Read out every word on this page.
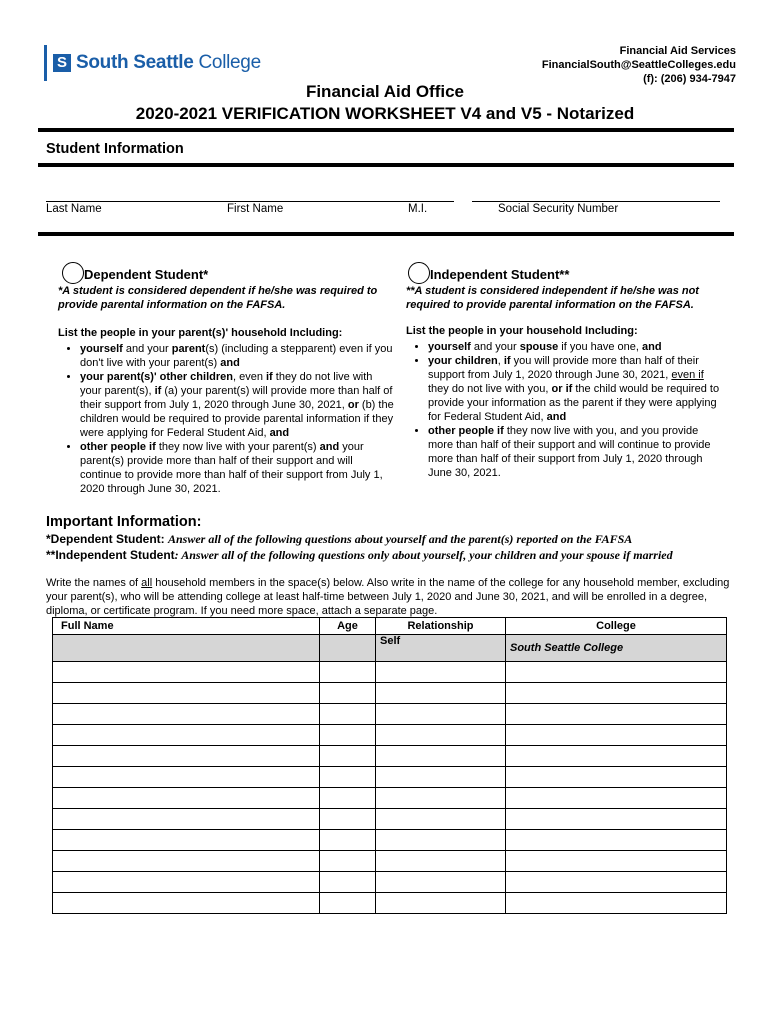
S South Seattle College
Financial Aid Services
FinancialSouth@SeattleColleges.edu
(f): (206) 934-7947
Financial Aid Office
2020-2021 VERIFICATION WORKSHEET V4 and V5 - Notarized
Student Information
Last Name	First Name	M.I.	Social Security Number
Dependent Student*
*A student is considered dependent if he/she was required to provide parental information on the FAFSA.
List the people in your parent(s)' household Including:
• yourself and your parent(s) (including a stepparent) even if you don't live with your parent(s) and
• your parent(s)' other children, even if they do not live with your parent(s), if (a) your parent(s) will provide more than half of their support from July 1, 2020 through June 30, 2021, or (b) the children would be required to provide parental information if they were applying for Federal Student Aid, and
• other people if they now live with your parent(s) and your parent(s) provide more than half of their support and will continue to provide more than half of their support from July 1, 2020 through June 30, 2021.
Independent Student**
**A student is considered independent if he/she was not required to provide parental information on the FAFSA.
List the people in your household Including:
• yourself and your spouse if you have one, and
• your children, if you will provide more than half of their support from July 1, 2020 through June 30, 2021, even if they do not live with you, or if the child would be required to provide your information as the parent if they were applying for Federal Student Aid, and
• other people if they now live with you, and you provide more than half of their support and will continue to provide more than half of their support from July 1, 2020 through June 30, 2021.
Important Information:
*Dependent Student: Answer all of the following questions about yourself and the parent(s) reported on the FAFSA
**Independent Student: Answer all of the following questions only about yourself, your children and your spouse if married
Write the names of all household members in the space(s) below. Also write in the name of the college for any household member, excluding your parent(s), who will be attending college at least half-time between July 1, 2020 and June 30, 2021, and will be enrolled in a degree, diploma, or certificate program. If you need more space, attach a separate page.
Full Name	Age	Relationship	College
		Self	South Seattle College
